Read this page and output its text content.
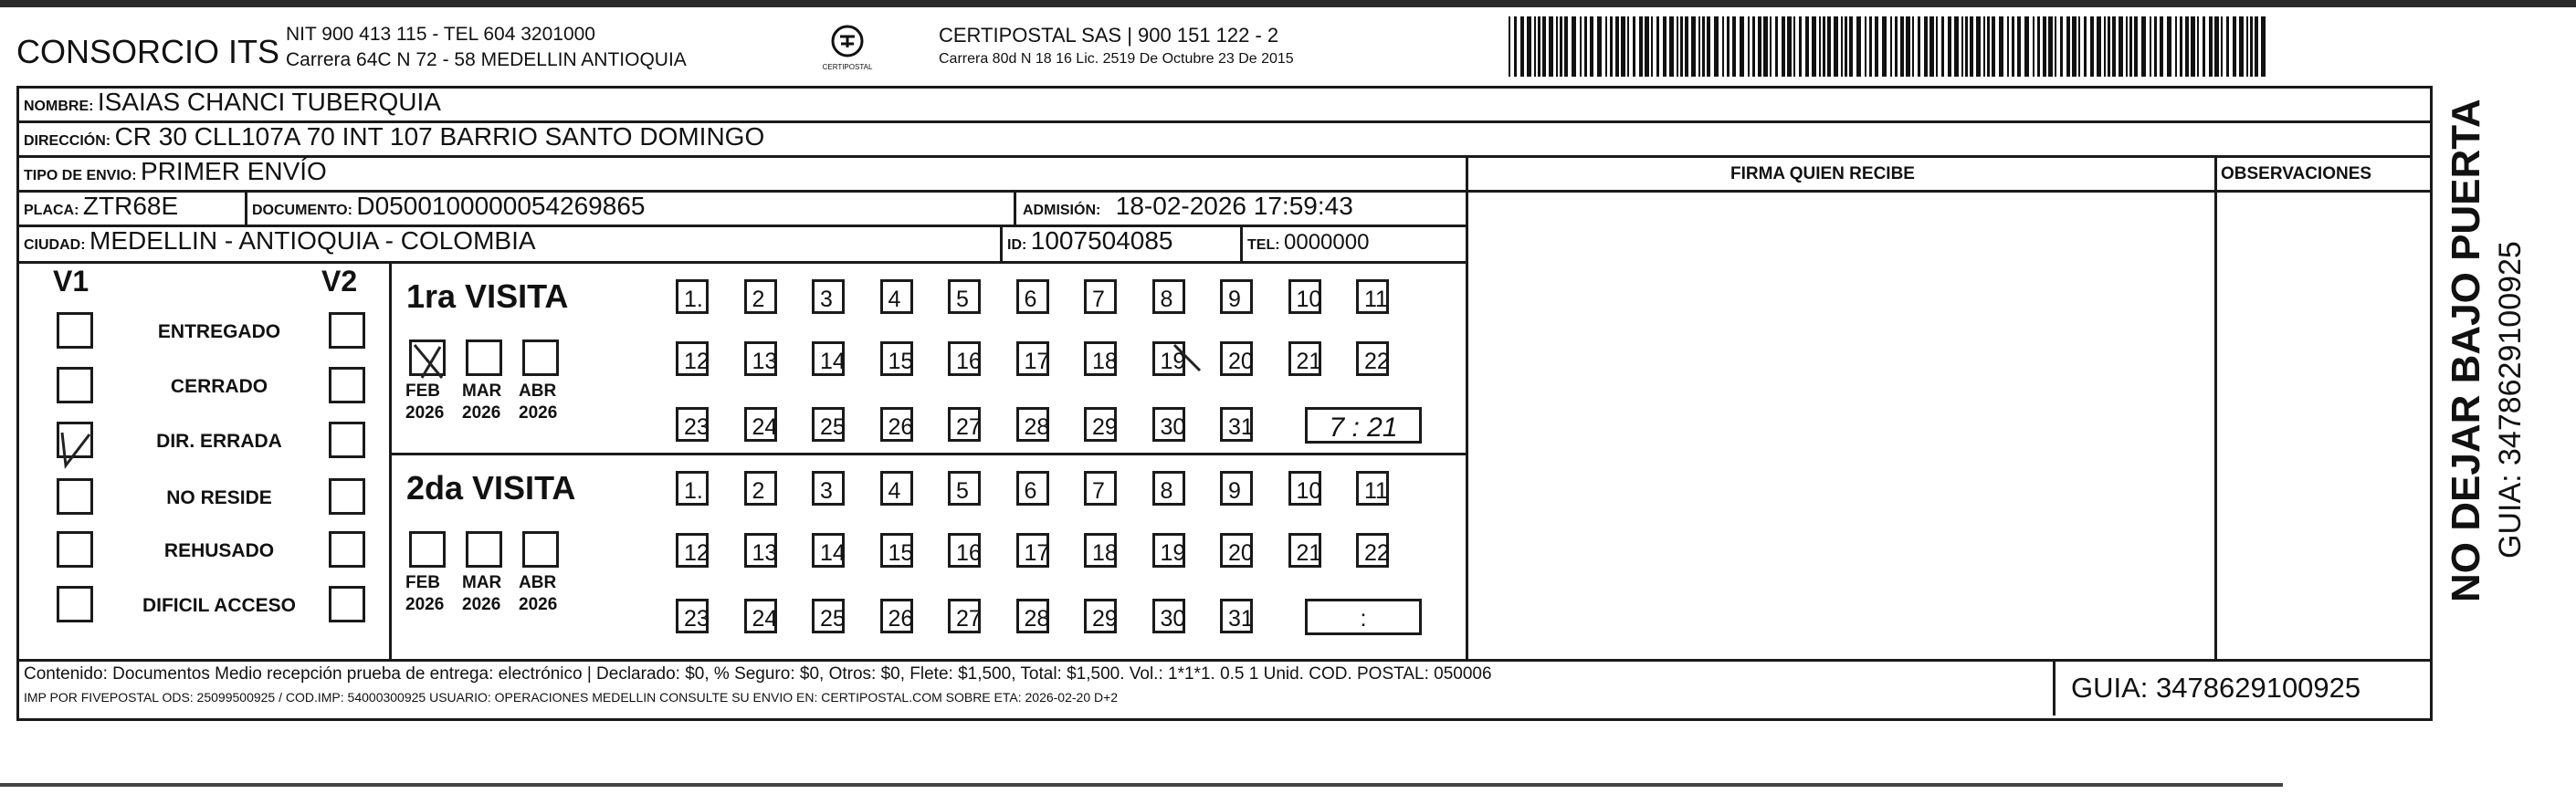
CONSORCIO ITS NIT 900 413 115 - TEL 604 3201000
Carrera 64C N 72 - 58 MEDELLIN ANTIOQUIA	CERTIPOSTAL
CERTIPOSTAL SAS | 900 151 122 - 2
Carrera 80d N 18 16 Lic. 2519 De Octubre 23 De 2015
NOMBRE: ISAIAS CHANCI TUBERQUIA
DIRECCIÓN: CR 30 CLL107A 70 INT 107 BARRIO SANTO DOMINGO
TIPO DE ENVIO: PRIMER ENVÍO	FIRMA QUIEN RECIBE	OBSERVACIONES
PLACA: ZTR68E	DOCUMENTO: D0500100000054269865	ADMISIÓN: 18-02-2026 17:59:43
CIUDAD: MEDELLIN - ANTIOQUIA - COLOMBIA	ID: 1007504085	TEL: 0000000
V1	V2
ENTREGADO
CERRADO
DIR. ERRADA
NO RESIDE
REHUSADO
DIFICIL ACCESO
1ra VISITA
2da VISITA
FEB
2026
MAR
2026
ABR
2026
FEB
2026
MAR
2026
ABR
2026
1.	2	3	4	5	6	7	8	9	10	11
12	13	14	15	16	17	18	19	20	21	22
23	24	25	26	27	28	29	30	31
1.	2	3	4	5	6	7	8	9	10	11
12	13	14	15	16	17	18	19	20	21	22
23	24	25	26	27	28	29	30	31
7 : 21
:
Contenido: Documentos Medio recepción prueba de entrega: electrónico | Declarado: $0, % Seguro: $0, Otros: $0, Flete: $1,500, Total: $1,500. Vol.: 1*1*1. 0.5 1 Unid. COD. POSTAL: 050006
IMP POR FIVEPOSTAL ODS: 25099500925 / COD.IMP: 54000300925 USUARIO: OPERACIONES MEDELLIN CONSULTE SU ENVIO EN: CERTIPOSTAL.COM SOBRE ETA: 2026-02-20 D+2	GUIA: 3478629100925
NO DEJAR BAJO PUERTA GUIA: 3478629100925
